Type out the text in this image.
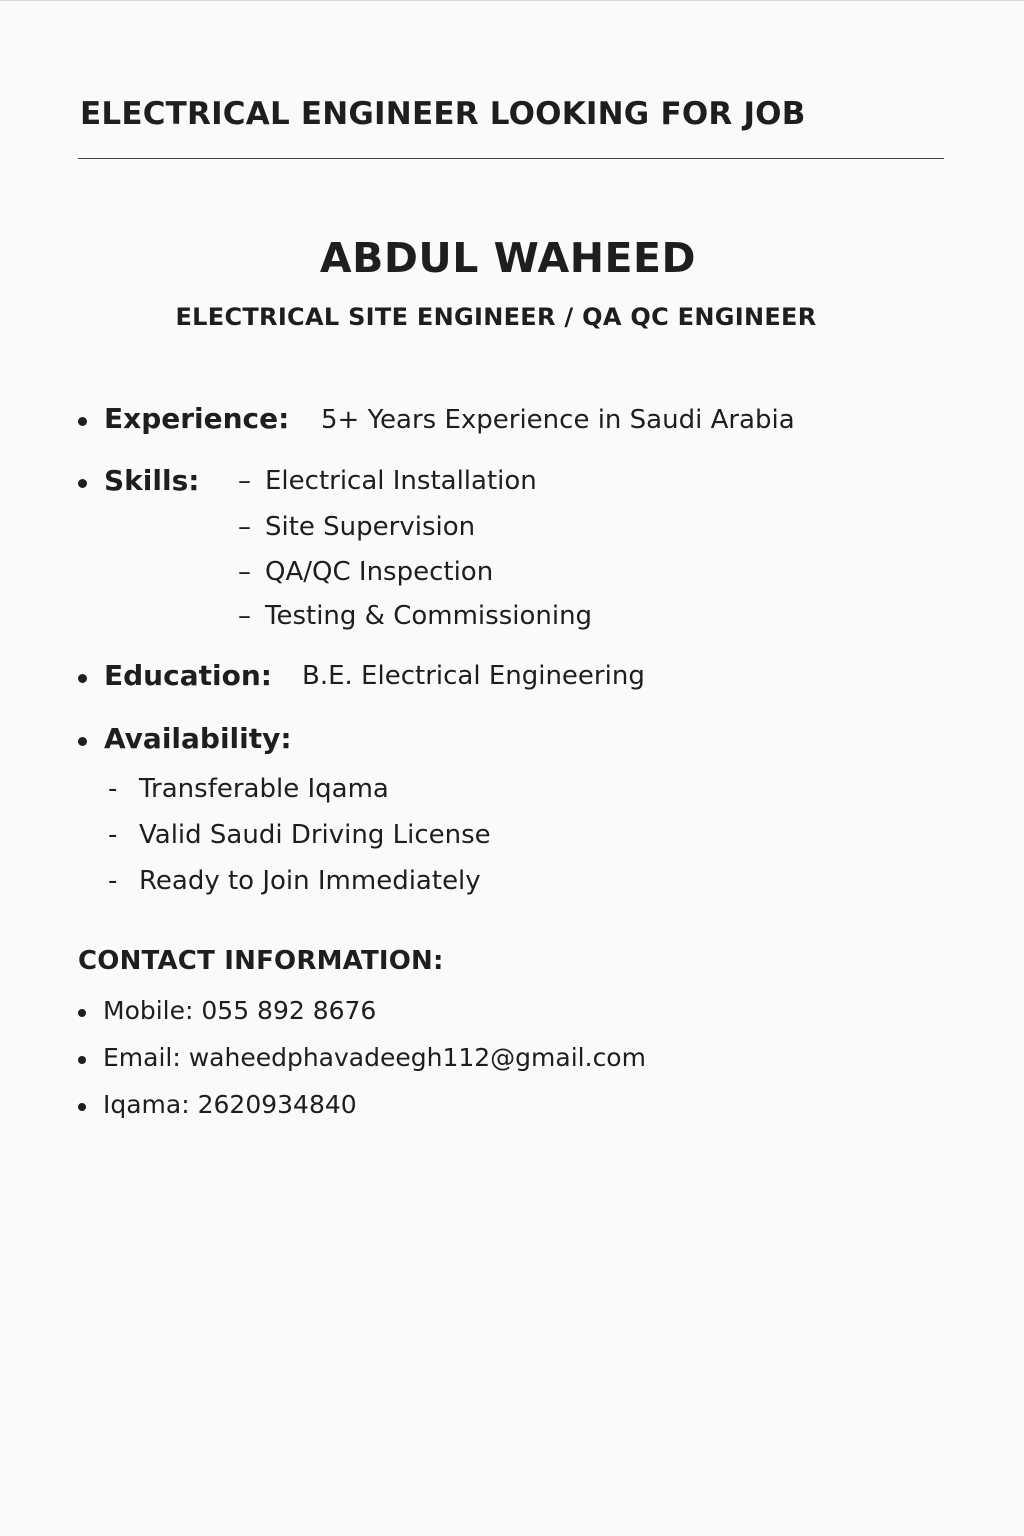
ELECTRICAL ENGINEER LOOKING FOR JOB
ABDUL WAHEED
ELECTRICAL SITE ENGINEER / QA QC ENGINEER
Experience: 5+ Years Experience in Saudi Arabia
Skills: – Electrical Installation
– Site Supervision
– QA/QC Inspection
– Testing & Commissioning
Education: B.E. Electrical Engineering
Availability:
- Transferable Iqama
- Valid Saudi Driving License
- Ready to Join Immediately
CONTACT INFORMATION:
Mobile: 055 892 8676
Email: waheedphavadeegh112@gmail.com
Iqama: 2620934840
